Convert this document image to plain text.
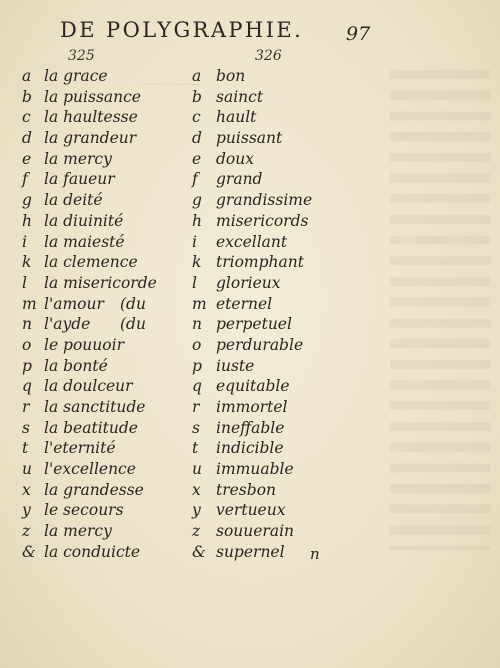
DE POLYGRAPHIE. 97
325	326
a la grace	a bon
b la puissance	b sainct
c la haultesse	c hault
d la grandeur	d puissant
e la mercy	e doux
f la faueur	f grand
g la deité	g grandissime
h la diuinité	h misericords
i la maiesté	i excellant
k la clemence	k triomphant
l la misericorde l glorieux
m l'amour (du	m eternel
n l'ayde (du	n perpetuel
o le pouuoir	o perdurable
p la bonté	p iuste
q la doulceur	q equitable
r la sanctitude	r immortel
s la beatitude	s ineffable
t l'eternité	t indicible
u l'excellence	u immuable
x la grandesse	x tresbon
y le secours	y vertueux
z la mercy	z souuerain
& la conduicte	& supernel n
